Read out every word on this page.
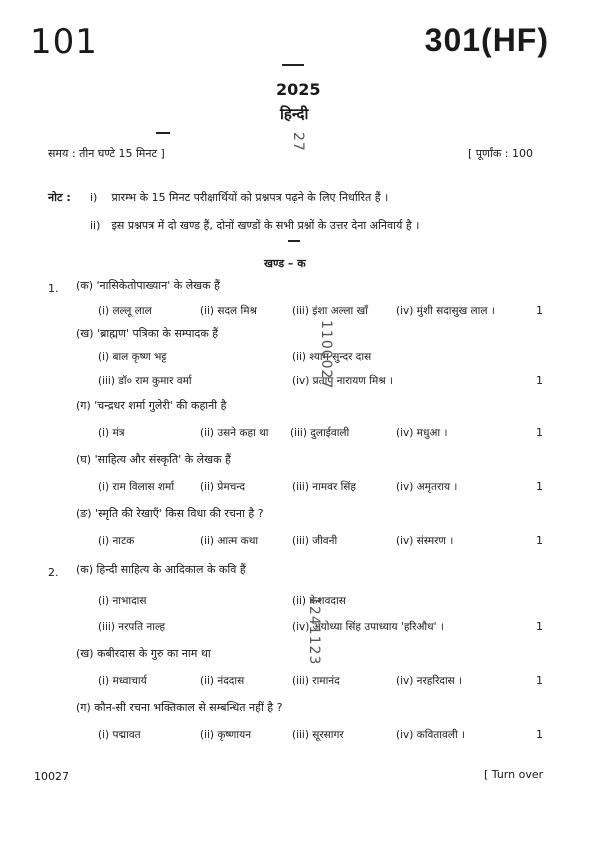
101	301(HF)
2025
हिन्दी
27
समय : तीन घण्टे 15 मिनट ]	[ पूर्णांक : 100
नोट : i) प्रारम्भ के 15 मिनट परीक्षार्थियों को प्रश्नपत्र पढ़ने के लिए निर्धारित हैं ।
ii) इस प्रश्नपत्र में दो खण्ड हैं, दोनों खण्डों के सभी प्रश्नों के उत्तर देना अनिवार्य है ।
खण्ड – क
1. (क) 'नासिकेतोपाख्यान' के लेखक हैं
(i) लल्लू लाल	(ii) सदल मिश्र	(iii) इंशा अल्ला खाँ	(iv) मुंशी सदासुख लाल ।	1
(ख) 'ब्राह्मण' पत्रिका के सम्पादक हैं
(i) बाल कृष्ण भट्ट	(ii) श्याम सुन्दर दास
(iii) डॉ० राम कुमार वर्मा	(iv) प्रताप नारायण मिश्र ।	1
1100027
(ग) 'चन्द्रधर शर्मा गुलेरी' की कहानी है
(i) मंत्र	(ii) उसने कहा था (iii) दुलाईवाली	(iv) मधुआ ।	1
(घ) 'साहित्य और संस्कृति' के लेखक हैं
(i) राम विलास शर्मा (ii) प्रेमचन्द	(iii) नामवर सिंह	(iv) अमृतराय ।	1
(ङ) 'स्मृति की रेखाएँ' किस विधा की रचना है ?
(i) नाटक	(ii) आत्म कथा	(iii) जीवनी	(iv) संस्मरण ।	1
2. (क) हिन्दी साहित्य के आदिकाल के कवि हैं
(i) नाभादास	(ii) केशवदास
(iii) नरपति नाल्ह	(iv) अयोध्या सिंह उपाध्याय 'हरिऔध' ।	1
1241123
(ख) कबीरदास के गुरु का नाम था
(i) मध्वाचार्य	(ii) नंददास	(iii) रामानंद	(iv) नरहरिदास ।	1
(ग) कौन-सी रचना भक्तिकाल से सम्बन्धित नहीं है ?
(i) पद्मावत	(ii) कृष्णायन	(iii) सूरसागर	(iv) कवितावली ।	1
10027	[ Turn over
